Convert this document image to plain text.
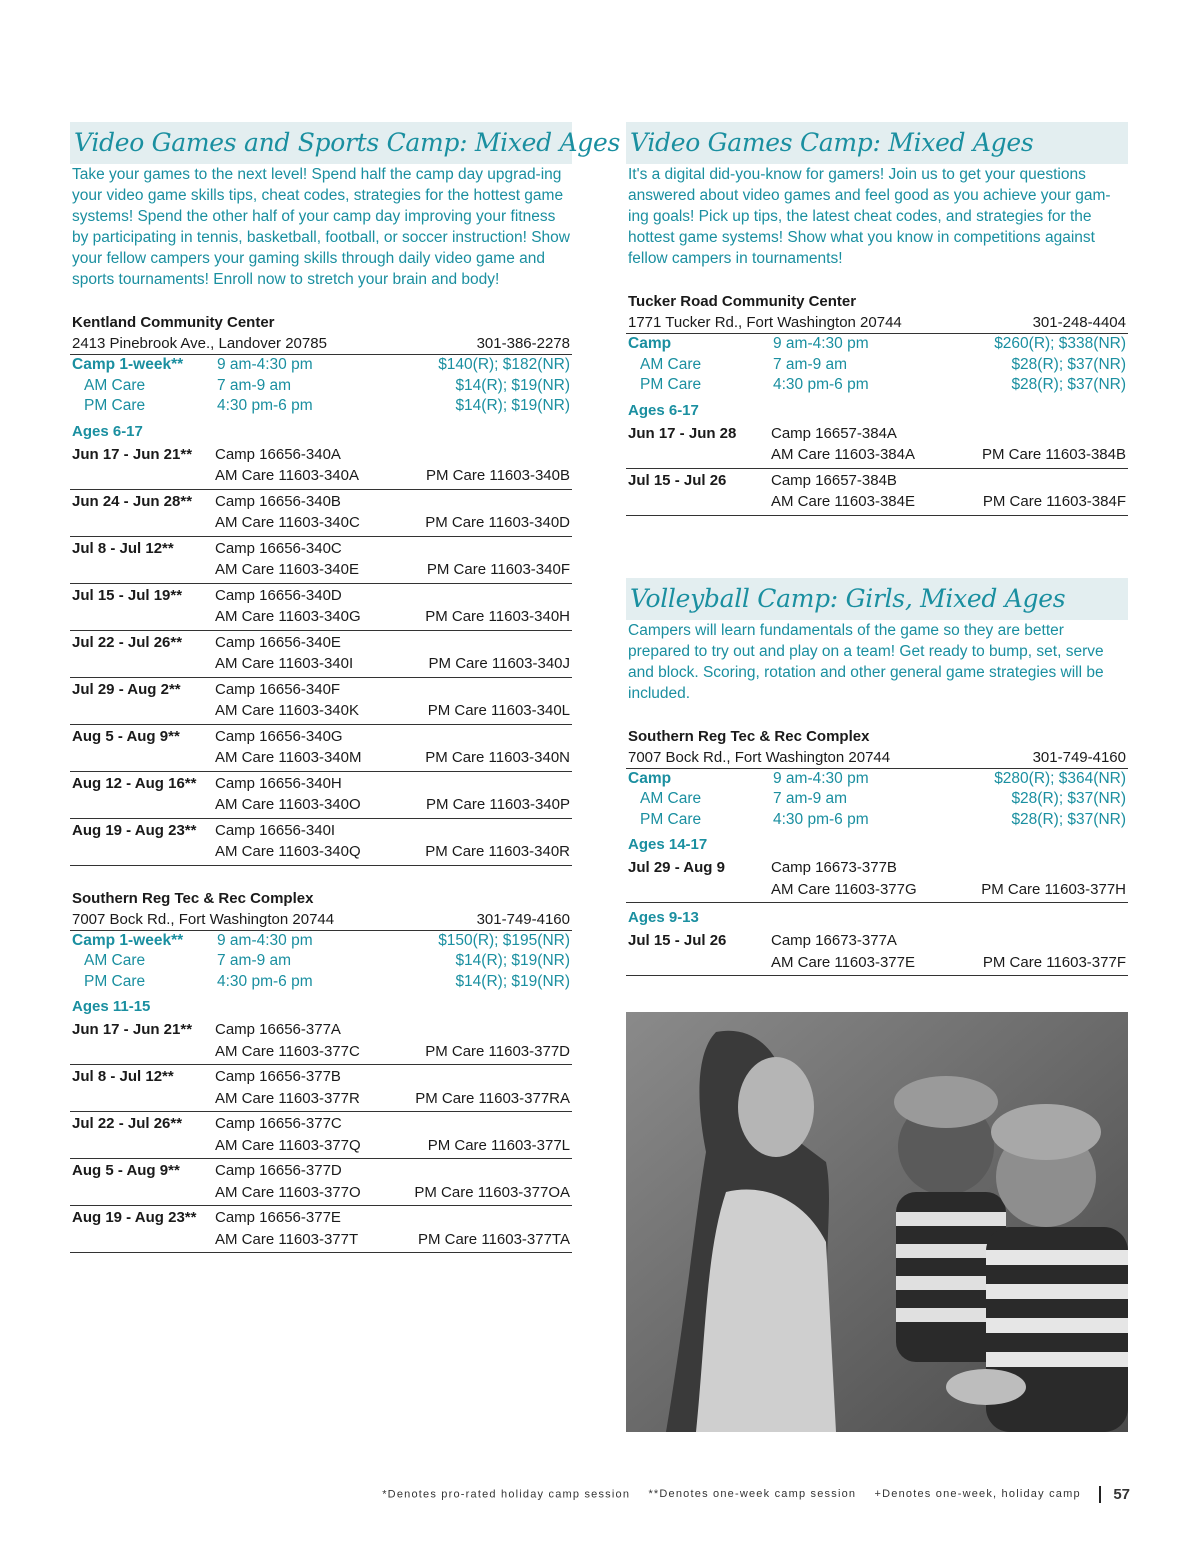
Video Games and Sports Camp: Mixed Ages

Take your games to the next level! Spend half the camp day upgrad-ing your video game skills tips, cheat codes, strategies for the hottest game systems! Spend the other half of your camp day improving your fitness by participating in tennis, basketball, football, or soccer instruction! Show your fellow campers your gaming skills through daily video game and sports tournaments! Enroll now to stretch your brain and body!

Kentland Community Center
2413 Pinebrook Ave., Landover 20785	301-386-2278
Camp 1-week**	9 am-4:30 pm	$140(R); $182(NR)
AM Care	7 am-9 am	$14(R); $19(NR)
PM Care	4:30 pm-6 pm	$14(R); $19(NR)
Ages 6-17
Jun 17 - Jun 21**	Camp 16656-340A
AM Care 11603-340A	PM Care 11603-340B
Jun 24 - Jun 28**	Camp 16656-340B
AM Care 11603-340C	PM Care 11603-340D
Jul 8 - Jul 12**	Camp 16656-340C
AM Care 11603-340E	PM Care 11603-340F
Jul 15 - Jul 19**	Camp 16656-340D
AM Care 11603-340G	PM Care 11603-340H
Jul 22 - Jul 26**	Camp 16656-340E
AM Care 11603-340I	PM Care 11603-340J
Jul 29 - Aug 2**	Camp 16656-340F
AM Care 11603-340K	PM Care 11603-340L
Aug 5 - Aug 9**	Camp 16656-340G
AM Care 11603-340M	PM Care 11603-340N
Aug 12 - Aug 16**	Camp 16656-340H
AM Care 11603-340O	PM Care 11603-340P
Aug 19 - Aug 23**	Camp 16656-340I
AM Care 11603-340Q	PM Care 11603-340R
Southern Reg Tec & Rec Complex
7007 Bock Rd., Fort Washington 20744	301-749-4160
Camp 1-week**	9 am-4:30 pm	$150(R); $195(NR)
AM Care	7 am-9 am	$14(R); $19(NR)
PM Care	4:30 pm-6 pm	$14(R); $19(NR)
Ages 11-15
Jun 17 - Jun 21**	Camp 16656-377A
AM Care 11603-377C	PM Care 11603-377D
Jul 8 - Jul 12**	Camp 16656-377B
AM Care 11603-377R	PM Care 11603-377RA
Jul 22 - Jul 26**	Camp 16656-377C
AM Care 11603-377Q	PM Care 11603-377L
Aug 5 - Aug 9**	Camp 16656-377D
AM Care 11603-377O	PM Care 11603-377OA
Aug 19 - Aug 23**	Camp 16656-377E
AM Care 11603-377T	PM Care 11603-377TA
Video Games Camp: Mixed Ages

It's a digital did-you-know for gamers! Join us to get your questions answered about video games and feel good as you achieve your gam-ing goals! Pick up tips, the latest cheat codes, and strategies for the hottest game systems! Show what you know in competitions against fellow campers in tournaments!

Tucker Road Community Center
1771 Tucker Rd., Fort Washington 20744	301-248-4404
Camp	9 am-4:30 pm	$260(R); $338(NR)
AM Care	7 am-9 am	$28(R); $37(NR)
PM Care	4:30 pm-6 pm	$28(R); $37(NR)
Ages 6-17
Jun 17 - Jun 28	Camp 16657-384A
AM Care 11603-384A	PM Care 11603-384B
Jul 15 - Jul 26	Camp 16657-384B
AM Care 11603-384E	PM Care 11603-384F
Volleyball Camp: Girls, Mixed Ages

Campers will learn fundamentals of the game so they are better prepared to try out and play on a team! Get ready to bump, set, serve and block. Scoring, rotation and other general game strategies will be included.

Southern Reg Tec & Rec Complex
7007 Bock Rd., Fort Washington 20744	301-749-4160
Camp	9 am-4:30 pm	$280(R); $364(NR)
AM Care	7 am-9 am	$28(R); $37(NR)
PM Care	4:30 pm-6 pm	$28(R); $37(NR)
Ages 14-17
Jul 29 - Aug 9	Camp 16673-377B
AM Care 11603-377G	PM Care 11603-377H
Ages 9-13
Jul 15 - Jul 26	Camp 16673-377A
AM Care 11603-377E	PM Care 11603-377F
*Denotes pro-rated holiday camp session **Denotes one-week camp session +Denotes one-week, holiday camp 57
